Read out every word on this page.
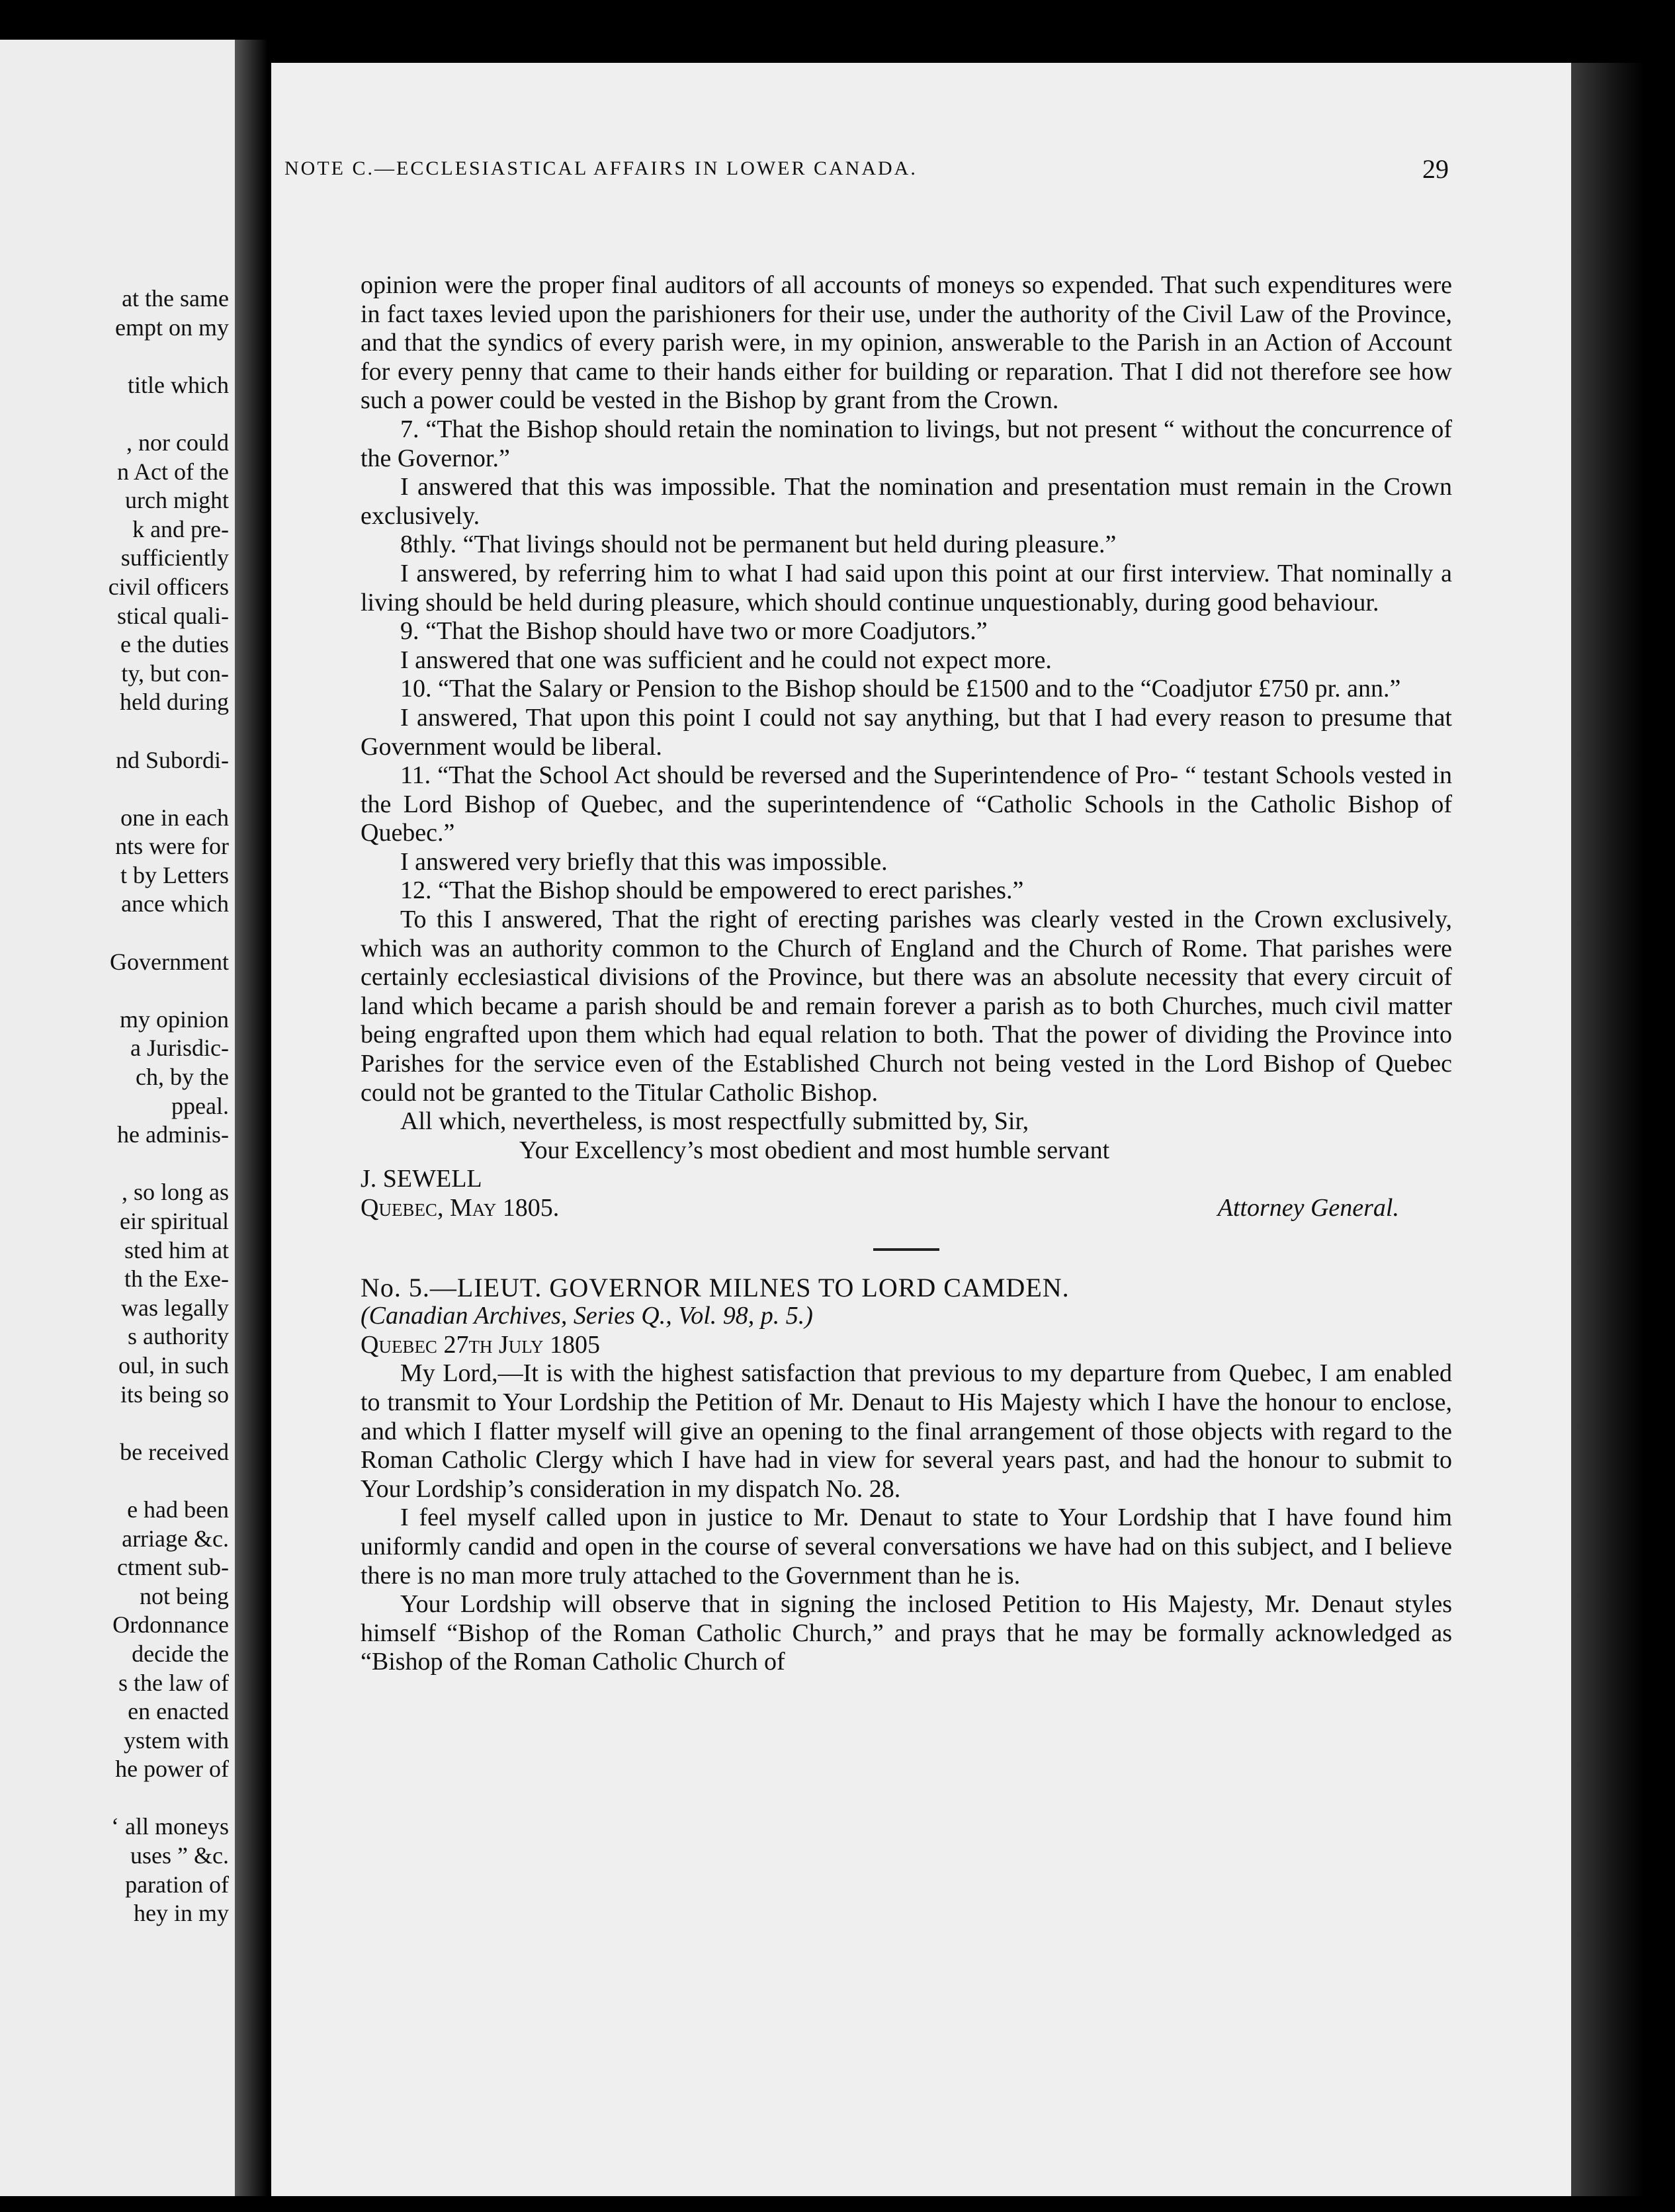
at the same
empt on my
title which
, nor could
n Act of the
urch might
k and pre-
sufficiently
civil officers
stical quali-
e the duties
ty, but con-
held during
nd Subordi-
one in each
nts were for
t by Letters
ance which
Government
my opinion
a Jurisdic-
ch, by the
ppeal.
he adminis-
, so long as
eir spiritual
sted him at
th the Exe-
was legally
s authority
oul, in such
its being so
be received
e had been
arriage &c.
ctment sub-
not being
Ordonnance
decide the
s the law of
en enacted
ystem with
he power of
‘ all moneys
uses ” &c.
paration of
hey in my
NOTE C.—ECCLESIASTICAL AFFAIRS IN LOWER CANADA.	29

opinion were the proper final auditors of all accounts of moneys so expended. That such expenditures were in fact taxes levied upon the parishioners for their use, under the authority of the Civil Law of the Province, and that the syndics of every parish were, in my opinion, answerable to the Parish in an Action of Account for every penny that came to their hands either for building or reparation. That I did not therefore see how such a power could be vested in the Bishop by grant from the Crown.

7. “That the Bishop should retain the nomination to livings, but not present “ without the concurrence of the Governor.”

I answered that this was impossible. That the nomination and presentation must remain in the Crown exclusively.

8thly. “That livings should not be permanent but held during pleasure.”

I answered, by referring him to what I had said upon this point at our first interview. That nominally a living should be held during pleasure, which should continue unquestionably, during good behaviour.

9. “That the Bishop should have two or more Coadjutors.”

I answered that one was sufficient and he could not expect more.

10. “That the Salary or Pension to the Bishop should be £1500 and to the “Coadjutor £750 pr. ann.”

I answered, That upon this point I could not say anything, but that I had every reason to presume that Government would be liberal.

11. “That the School Act should be reversed and the Superintendence of Pro- “ testant Schools vested in the Lord Bishop of Quebec, and the superintendence of “Catholic Schools in the Catholic Bishop of Quebec.”

I answered very briefly that this was impossible.

12. “That the Bishop should be empowered to erect parishes.”

To this I answered, That the right of erecting parishes was clearly vested in the Crown exclusively, which was an authority common to the Church of England and the Church of Rome. That parishes were certainly ecclesiastical divisions of the Province, but there was an absolute necessity that every circuit of land which became a parish should be and remain forever a parish as to both Churches, much civil matter being engrafted upon them which had equal relation to both. That the power of dividing the Province into Parishes for the service even of the Established Church not being vested in the Lord Bishop of Quebec could not be granted to the Titular Catholic Bishop.

All which, nevertheless, is most respectfully submitted by, Sir,

Your Excellency’s most obedient and most humble servant

J. SEWELL

Quebec, May 1805.	Attorney General.

No. 5.—LIEUT. GOVERNOR MILNES TO LORD CAMDEN.

(Canadian Archives, Series Q., Vol. 98, p. 5.)

Quebec 27th July 1805

My Lord,—It is with the highest satisfaction that previous to my departure from Quebec, I am enabled to transmit to Your Lordship the Petition of Mr. Denaut to His Majesty which I have the honour to enclose, and which I flatter myself will give an opening to the final arrangement of those objects with regard to the Roman Catholic Clergy which I have had in view for several years past, and had the honour to submit to Your Lordship’s consideration in my dispatch No. 28.

I feel myself called upon in justice to Mr. Denaut to state to Your Lordship that I have found him uniformly candid and open in the course of several conversations we have had on this subject, and I believe there is no man more truly attached to the Government than he is.

Your Lordship will observe that in signing the inclosed Petition to His Majesty, Mr. Denaut styles himself “Bishop of the Roman Catholic Church,” and prays that he may be formally acknowledged as “Bishop of the Roman Catholic Church of
